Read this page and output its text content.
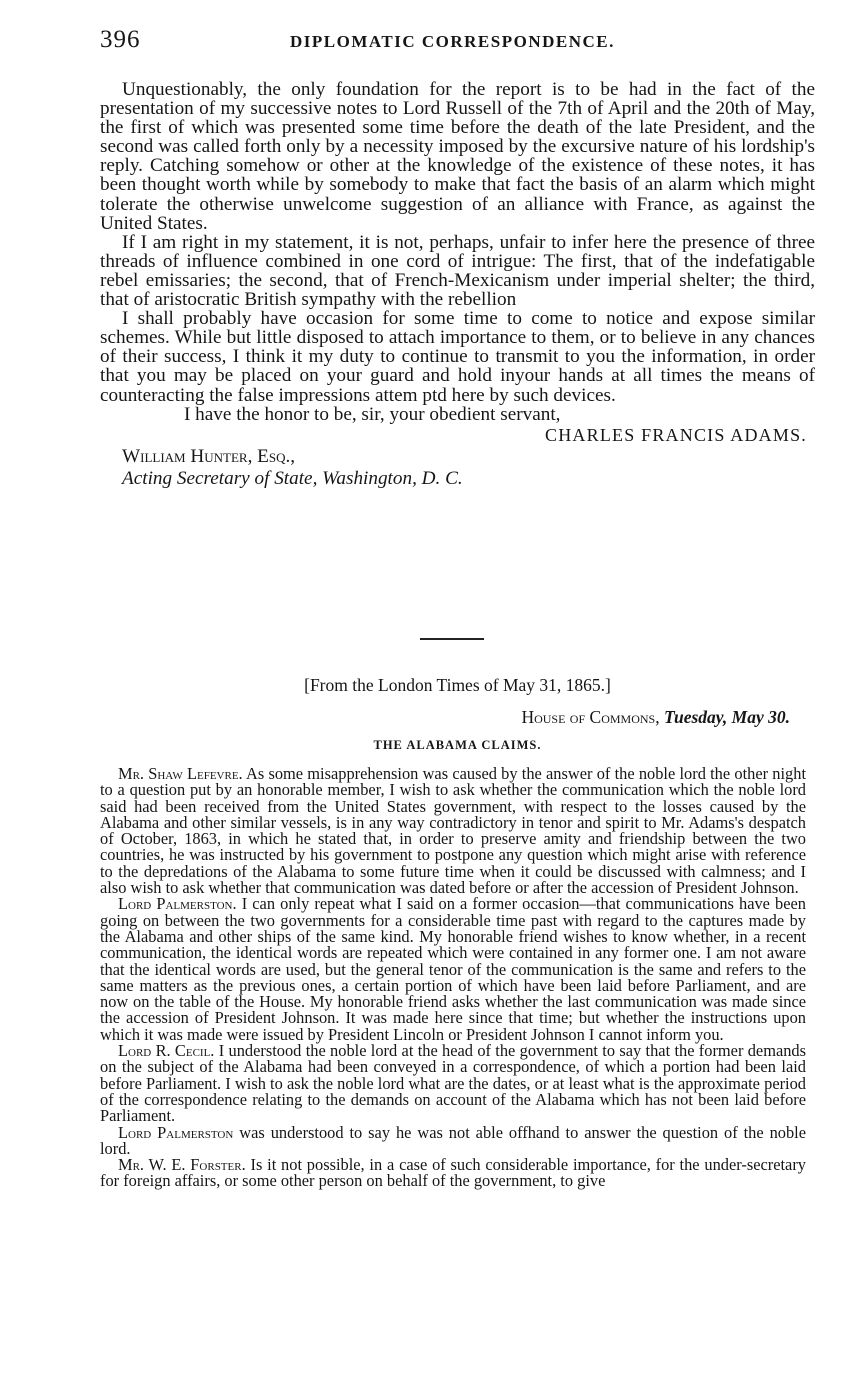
396	DIPLOMATIC CORRESPONDENCE.

Unquestionably, the only foundation for the report is to be had in the fact of the presentation of my successive notes to Lord Russell of the 7th of April and the 20th of May, the first of which was presented some time before the death of the late President, and the second was called forth only by a necessity imposed by the excursive nature of his lordship's reply. Catching somehow or other at the knowledge of the existence of these notes, it has been thought worth while by somebody to make that fact the basis of an alarm which might tolerate the otherwise unwelcome suggestion of an alliance with France, as against the United States.

If I am right in my statement, it is not, perhaps, unfair to infer here the presence of three threads of influence combined in one cord of intrigue: The first, that of the indefatigable rebel emissaries; the second, that of French-Mexicanism under imperial shelter; the third, that of aristocratic British sympathy with the rebellion

I shall probably have occasion for some time to come to notice and expose similar schemes. While but little disposed to attach importance to them, or to believe in any chances of their success, I think it my duty to continue to transmit to you the information, in order that you may be placed on your guard and hold inyour hands at all times the means of counteracting the false impressions attem ptd here by such devices.

I have the honor to be, sir, your obedient servant,

CHARLES FRANCIS ADAMS.

William Hunter, Esq.,

Acting Secretary of State, Washington, D. C.

[From the London Times of May 31, 1865.]
House of Commons, Tuesday, May 30.
THE ALABAMA CLAIMS.

Mr. Shaw Lefevre. As some misapprehension was caused by the answer of the noble lord the other night to a question put by an honorable member, I wish to ask whether the communication which the noble lord said had been received from the United States government, with respect to the losses caused by the Alabama and other similar vessels, is in any way contradictory in tenor and spirit to Mr. Adams's despatch of October, 1863, in which he stated that, in order to preserve amity and friendship between the two countries, he was instructed by his government to postpone any question which might arise with reference to the depredations of the Alabama to some future time when it could be discussed with calmness; and I also wish to ask whether that communication was dated before or after the accession of President Johnson.

Lord Palmerston. I can only repeat what I said on a former occasion—that communications have been going on between the two governments for a considerable time past with regard to the captures made by the Alabama and other ships of the same kind. My honorable friend wishes to know whether, in a recent communication, the identical words are repeated which were contained in any former one. I am not aware that the identical words are used, but the general tenor of the communication is the same and refers to the same matters as the previous ones, a certain portion of which have been laid before Parliament, and are now on the table of the House. My honorable friend asks whether the last communication was made since the accession of President Johnson. It was made here since that time; but whether the instructions upon which it was made were issued by President Lincoln or President Johnson I cannot inform you.

Lord R. Cecil. I understood the noble lord at the head of the government to say that the former demands on the subject of the Alabama had been conveyed in a correspondence, of which a portion had been laid before Parliament. I wish to ask the noble lord what are the dates, or at least what is the approximate period of the correspondence relating to the demands on account of the Alabama which has not been laid before Parliament.

Lord Palmerston was understood to say he was not able offhand to answer the question of the noble lord.

Mr. W. E. Forster. Is it not possible, in a case of such considerable importance, for the under-secretary for foreign affairs, or some other person on behalf of the government, to give
